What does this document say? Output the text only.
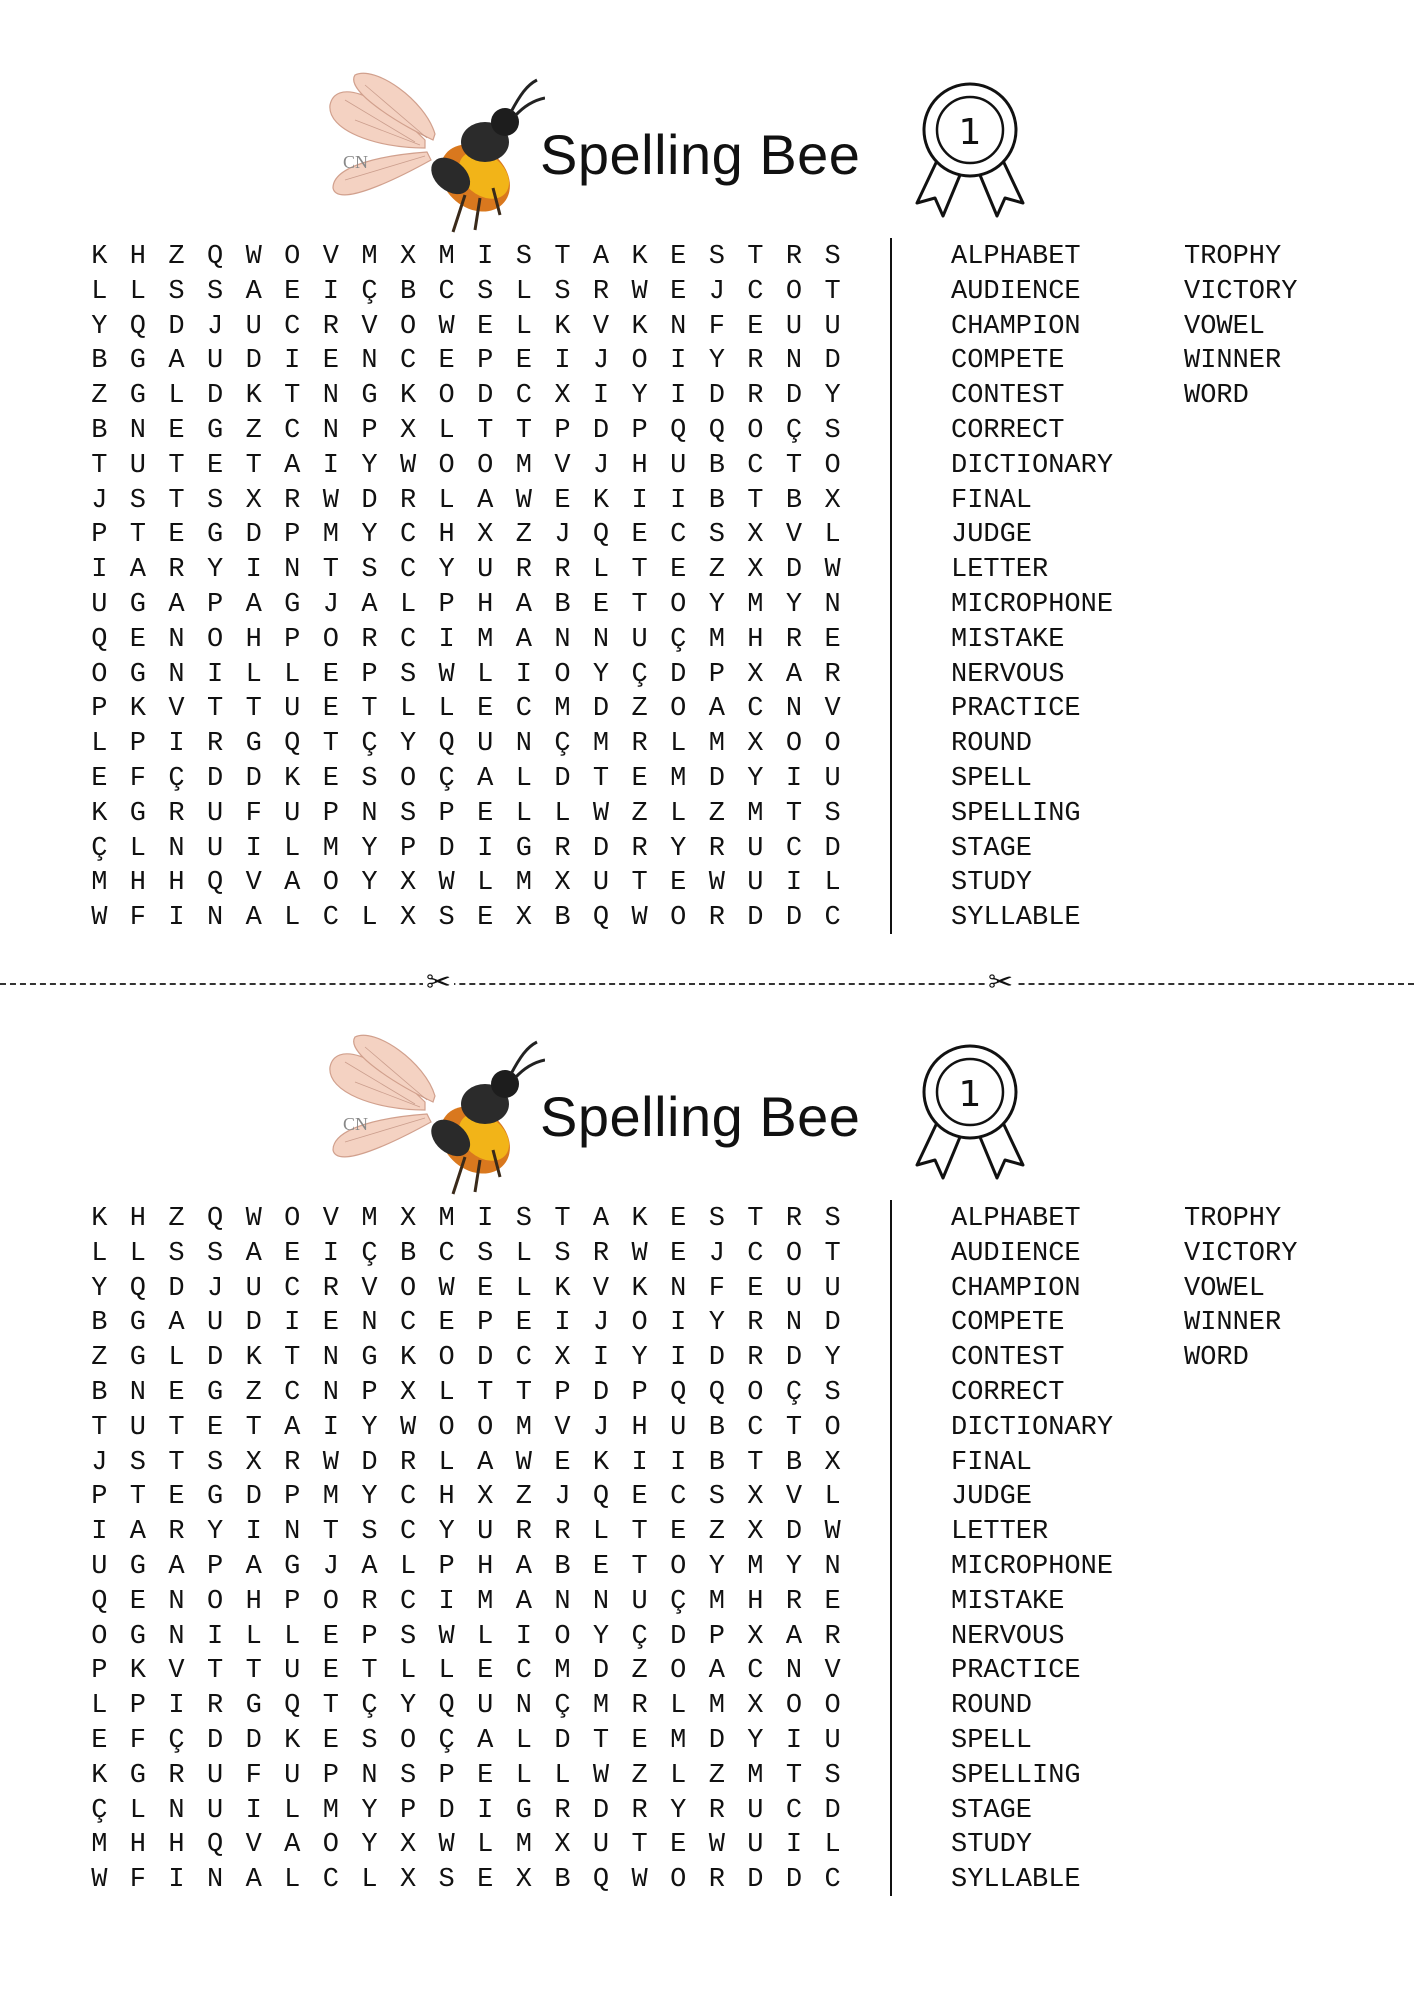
CN	Spelling Bee	1
K H Z Q W O V M X M I S T A K E S T R S
L L S S A E I Ç B C S L S R W E J C O T
Y Q D J U C R V O W E L K V K N F E U U
B G A U D I E N C E P E I J O I Y R N D
Z G L D K T N G K O D C X I Y I D R D Y
B N E G Z C N P X L T T P D P Q Q O Ç S
T U T E T A I Y W O O M V J H U B C T O
J S T S X R W D R L A W E K I I B T B X
P T E G D P M Y C H X Z J Q E C S X V L
I A R Y I N T S C Y U R R L T E Z X D W
U G A P A G J A L P H A B E T O Y M Y N
Q E N O H P O R C I M A N N U Ç M H R E
O G N I L L E P S W L I O Y Ç D P X A R
P K V T T U E T L L E C M D Z O A C N V
L P I R G Q T Ç Y Q U N Ç M R L M X O O
E F Ç D D K E S O Ç A L D T E M D Y I U
K G R U F U P N S P E L L W Z L Z M T S
Ç L N U I L M Y P D I G R D R Y R U C D
M H H Q V A O Y X W L M X U T E W U I L
W F I N A L C L X S E X B Q W O R D D C
ALPHABET
AUDIENCE
CHAMPION
COMPETE
CONTEST
CORRECT
DICTIONARY
FINAL
JUDGE
LETTER
MICROPHONE
MISTAKE
NERVOUS
PRACTICE
ROUND
SPELL
SPELLING
STAGE
STUDY
SYLLABLE
TROPHY
VICTORY
VOWEL
WINNER
WORD
✂	✂
CN	Spelling Bee	1
K H Z Q W O V M X M I S T A K E S T R S
L L S S A E I Ç B C S L S R W E J C O T
Y Q D J U C R V O W E L K V K N F E U U
B G A U D I E N C E P E I J O I Y R N D
Z G L D K T N G K O D C X I Y I D R D Y
B N E G Z C N P X L T T P D P Q Q O Ç S
T U T E T A I Y W O O M V J H U B C T O
J S T S X R W D R L A W E K I I B T B X
P T E G D P M Y C H X Z J Q E C S X V L
I A R Y I N T S C Y U R R L T E Z X D W
U G A P A G J A L P H A B E T O Y M Y N
Q E N O H P O R C I M A N N U Ç M H R E
O G N I L L E P S W L I O Y Ç D P X A R
P K V T T U E T L L E C M D Z O A C N V
L P I R G Q T Ç Y Q U N Ç M R L M X O O
E F Ç D D K E S O Ç A L D T E M D Y I U
K G R U F U P N S P E L L W Z L Z M T S
Ç L N U I L M Y P D I G R D R Y R U C D
M H H Q V A O Y X W L M X U T E W U I L
W F I N A L C L X S E X B Q W O R D D C
ALPHABET
AUDIENCE
CHAMPION
COMPETE
CONTEST
CORRECT
DICTIONARY
FINAL
JUDGE
LETTER
MICROPHONE
MISTAKE
NERVOUS
PRACTICE
ROUND
SPELL
SPELLING
STAGE
STUDY
SYLLABLE
TROPHY
VICTORY
VOWEL
WINNER
WORD
